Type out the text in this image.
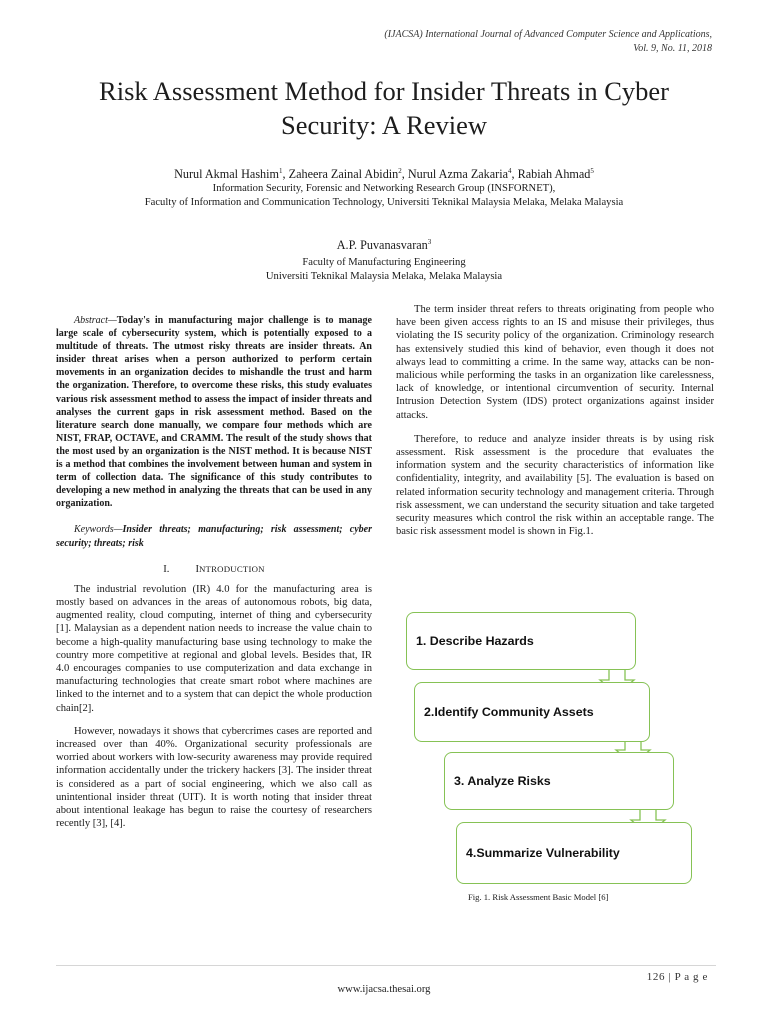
(IJACSA) International Journal of Advanced Computer Science and Applications,
Vol. 9, No. 11, 2018
Risk Assessment Method for Insider Threats in Cyber
Security: A Review
Nurul Akmal Hashim$^1$, Zaheera Zainal Abidin$^2$, Nurul Azma Zakaria$^4$, Rabiah Ahmad$^5$
Information Security, Forensic and Networking Research Group (INSFORNET),
Faculty of Information and Communication Technology, Universiti Teknikal Malaysia Melaka, Melaka Malaysia
A.P. Puvanasvaran$^3$
Faculty of Manufacturing Engineering
Universiti Teknikal Malaysia Melaka, Melaka Malaysia
Abstract—Today's in manufacturing major challenge is to manage large scale of cybersecurity system, which is potentially exposed to a multitude of threats. The utmost risky threats are insider threats. An insider threat arises when a person authorized to perform certain movements in an organization decides to mishandle the trust and harm the organization. Therefore, to overcome these risks, this study evaluates various risk assessment method to assess the impact of insider threats and analyses the current gaps in risk assessment method. Based on the literature search done manually, we compare four methods which are NIST, FRAP, OCTAVE, and CRAMM. The result of the study shows that the most used by an organization is the NIST method. It is because NIST is a method that combines the involvement between human and system in term of collection data. The significance of this study contributes to developing a new method in analyzing the threats that can be used in any organization.
Keywords—Insider threats; manufacturing; risk assessment; cyber security; threats; risk
I. INTRODUCTION
The industrial revolution (IR) 4.0 for the manufacturing area is mostly based on advances in the areas of autonomous robots, big data, augmented reality, cloud computing, internet of thing and cybersecurity [1]. Malaysian as a dependent nation needs to increase the value chain to become a high-quality manufacturing base using technology to make the country more competitive at regional and global levels. Besides that, IR 4.0 encourages companies to use computerization and data exchange in manufacturing technologies that create smart robot where machines are linked to the internet and to a system that can depict the whole production chain[2].
However, nowadays it shows that cybercrimes cases are reported and increased over than 40%. Organizational security professionals are worried about workers with low-security awareness may provide required information accidentally under the trickery hackers [3]. The insider threat is considered as a part of social engineering, which we also call as unintentional insider threat (UIT). It is worth noting that insider threat about intentional leakage has begun to raise the courtesy of researchers recently [3], [4].
The term insider threat refers to threats originating from people who have been given access rights to an IS and misuse their privileges, thus violating the IS security policy of the organization. Criminology research has extensively studied this kind of behavior, even though it does not always lead to committing a crime. In the same way, attacks can be non-malicious while performing the tasks in an organization like carelessness, lack of knowledge, or intentional circumvention of security. Internal Intrusion Detection System (IDS) protect organizations against insider attacks.
Therefore, to reduce and analyze insider threats is by using risk assessment. Risk assessment is the procedure that evaluates the information system and the security characteristics of information like confidentiality, integrity, and availability [5]. The evaluation is based on related information security technology and management criteria. Through risk assessment, we can understand the security situation and take targeted security measures which control the risk within an acceptable range. The basic risk assessment model is shown in Fig.1.
1. Describe Hazards
2.Identify Community Assets
3. Analyze Risks
4.Summarize Vulnerability
Fig. 1. Risk Assessment Basic Model [6]
126 | P a g e
www.ijacsa.thesai.org
